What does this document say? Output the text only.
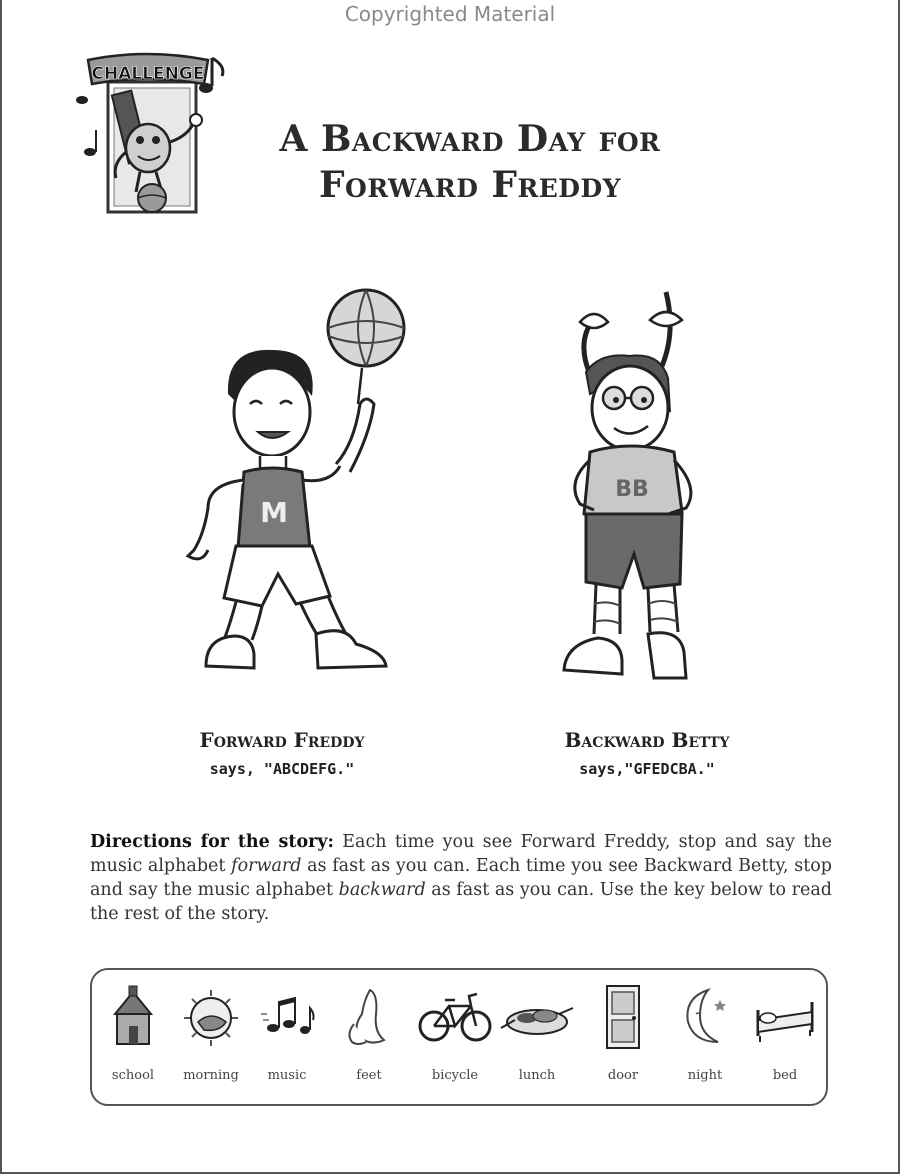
Copyrighted Material
CHALLENGE
A Backward Day for
Forward Freddy
M
BB
Forward Freddy
says, "ABCDEFG."
Backward Betty
says,"GFEDCBA."
Directions for the story: Each time you see Forward Freddy, stop and say the music alphabet forward as fast as you can. Each time you see Backward Betty, stop and say the music alphabet backward as fast as you can. Use the key below to read the rest of the story.
school	morning	music	feet	bicycle	lunch	door	night	bed
